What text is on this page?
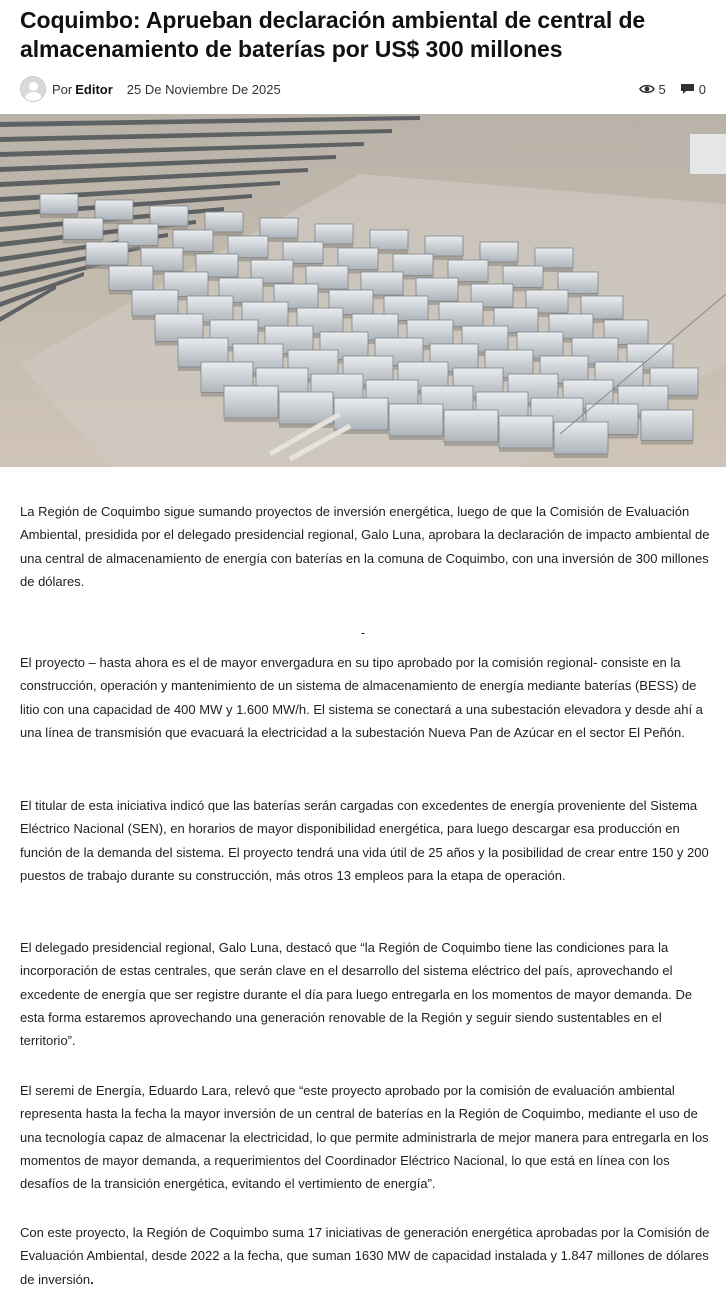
Coquimbo: Aprueban declaración ambiental de central de almacenamiento de baterías por US$ 300 millones
Por Editor 25 De Noviembre De 2025	5	0

La Región de Coquimbo sigue sumando proyectos de inversión energética, luego de que la Comisión de Evaluación Ambiental, presidida por el delegado presidencial regional, Galo Luna, aprobara la declaración de impacto ambiental de una central de almacenamiento de energía con baterías en la comuna de Coquimbo, con una inversión de 300 millones de dólares.

-

El proyecto – hasta ahora es el de mayor envergadura en su tipo aprobado por la comisión regional- consiste en la construcción, operación y mantenimiento de un sistema de almacenamiento de energía mediante baterías (BESS) de litio con una capacidad de 400 MW y 1.600 MW/h. El sistema se conectará a una subestación elevadora y desde ahí a una línea de transmisión que evacuará la electricidad a la subestación Nueva Pan de Azúcar en el sector El Peñón.

El titular de esta iniciativa indicó que las baterías serán cargadas con excedentes de energía proveniente del Sistema Eléctrico Nacional (SEN), en horarios de mayor disponibilidad energética, para luego descargar esa producción en función de la demanda del sistema. El proyecto tendrá una vida útil de 25 años y la posibilidad de crear entre 150 y 200 puestos de trabajo durante su construcción, más otros 13 empleos para la etapa de operación.

El delegado presidencial regional, Galo Luna, destacó que “la Región de Coquimbo tiene las condiciones para la incorporación de estas centrales, que serán clave en el desarrollo del sistema eléctrico del país, aprovechando el excedente de energía que ser registre durante el día para luego entregarla en los momentos de mayor demanda. De esta forma estaremos aprovechando una generación renovable de la Región y seguir siendo sustentables en el territorio”.

El seremi de Energía, Eduardo Lara, relevó que “este proyecto aprobado por la comisión de evaluación ambiental representa hasta la fecha la mayor inversión de un central de baterías en la Región de Coquimbo, mediante el uso de una tecnología capaz de almacenar la electricidad, lo que permite administrarla de mejor manera para entregarla en los momentos de mayor demanda, a requerimientos del Coordinador Eléctrico Nacional, lo que está en línea con los desafíos de la transición energética, evitando el vertimiento de energía”.

Con este proyecto, la Región de Coquimbo suma 17 iniciativas de generación energética aprobadas por la Comisión de Evaluación Ambiental, desde 2022 a la fecha, que suman 1630 MW de capacidad instalada y 1.847 millones de dólares de inversión.
